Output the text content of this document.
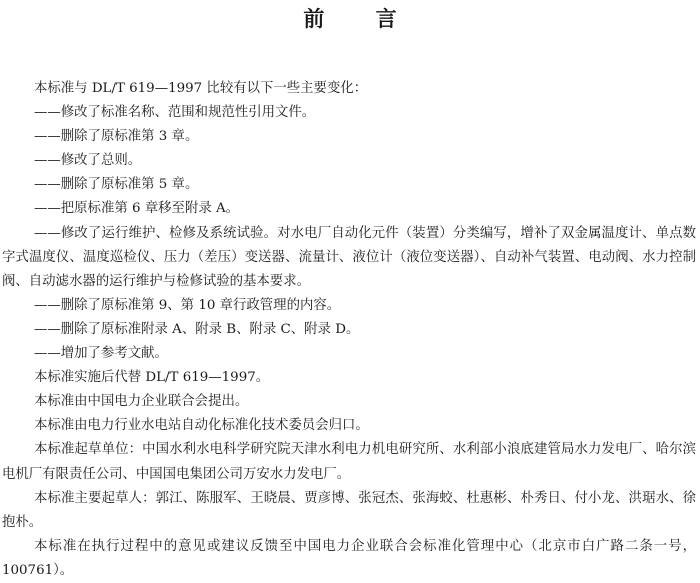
前 言

本标准与 DL/T 619—1997 比较有以下一些主要变化：

——修改了标准名称、范围和规范性引用文件。

——删除了原标准第 3 章。

——修改了总则。

——删除了原标准第 5 章。

——把原标准第 6 章移至附录 A。

——修改了运行维护、检修及系统试验。对水电厂自动化元件（装置）分类编写，增补了双金属温度计、单点数字式温度仪、温度巡检仪、压力（差压）变送器、流量计、液位计（液位变送器）、自动补气装置、电动阀、水力控制阀、自动滤水器的运行维护与检修试验的基本要求。

——删除了原标准第 9、第 10 章行政管理的内容。

——删除了原标准附录 A、附录 B、附录 C、附录 D。

——增加了参考文献。

本标准实施后代替 DL/T 619—1997。

本标准由中国电力企业联合会提出。

本标准由电力行业水电站自动化标准化技术委员会归口。

本标准起草单位：中国水利水电科学研究院天津水利电力机电研究所、水利部小浪底建管局水力发电厂、哈尔滨电机厂有限责任公司、中国国电集团公司万安水力发电厂。

本标准主要起草人：郭江、陈服军、王晓晨、贾彦博、张冠杰、张海蛟、杜惠彬、朴秀日、付小龙、洪琚水、徐抱朴。

本标准在执行过程中的意见或建议反馈至中国电力企业联合会标准化管理中心（北京市白广路二条一号，100761）。
